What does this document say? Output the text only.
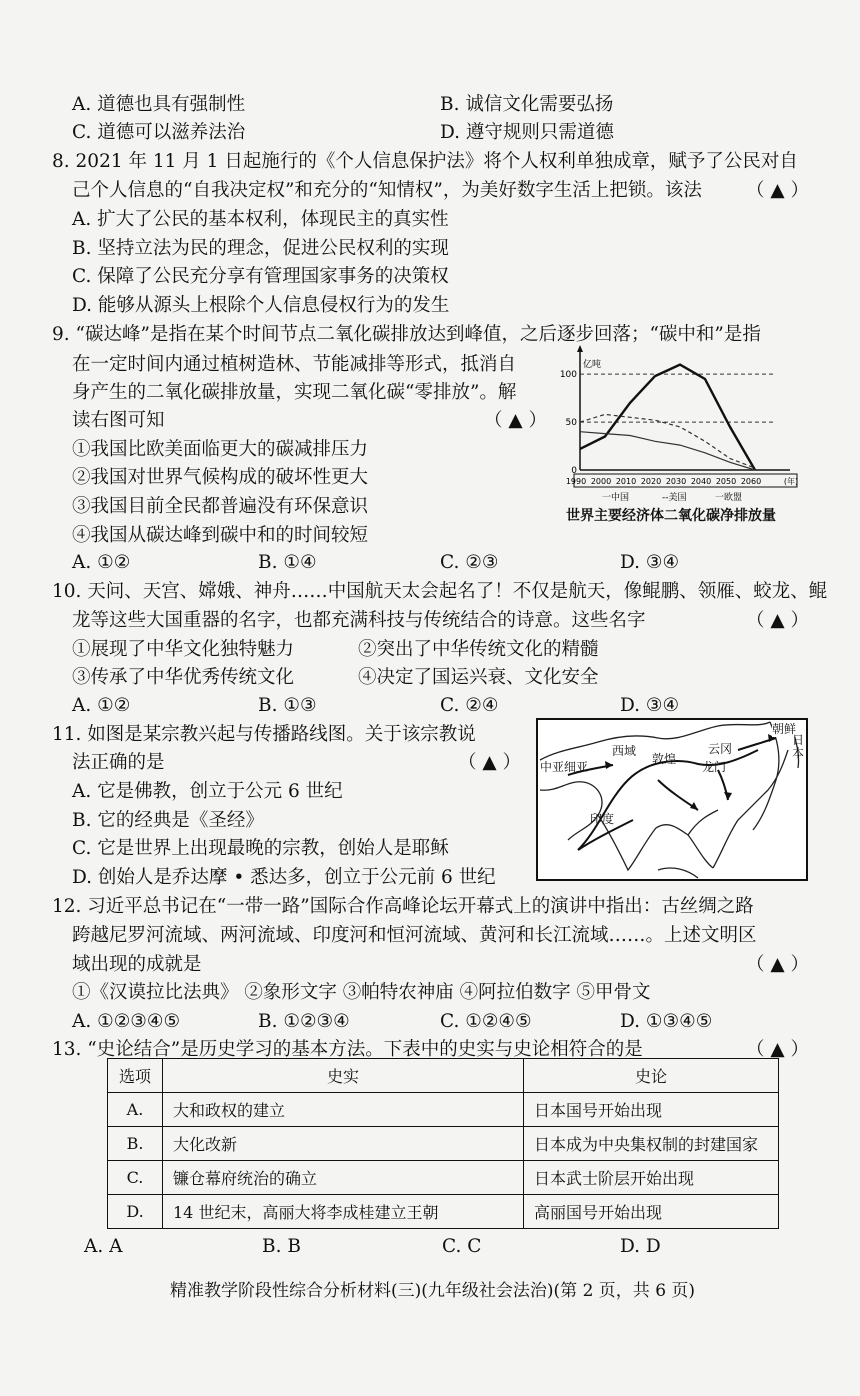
A. 道德也具有强制性	B. 诚信文化需要弘扬
C. 道德可以滋养法治	D. 遵守规则只需道德
8. 2021 年 11 月 1 日起施行的《个人信息保护法》将个人权利单独成章，赋予了公民对自
己个人信息的“自我决定权”和充分的“知情权”，为美好数字生活上把锁。该法 （ ▲ ）
A. 扩大了公民的基本权利，体现民主的真实性
B. 坚持立法为民的理念，促进公民权利的实现
C. 保障了公民充分享有管理国家事务的决策权
D. 能够从源头上根除个人信息侵权行为的发生
9. “碳达峰”是指在某个时间节点二氧化碳排放达到峰值，之后逐步回落；“碳中和”是指
在一定时间内通过植树造林、节能减排等形式，抵消自
身产生的二氧化碳排放量，实现二氧化碳“零排放”。解
读右图可知	（ ▲ ）
①我国比欧美面临更大的碳减排压力
②我国对世界气候构成的破坏性更大
③我国目前全民都普遍没有环保意识
④我国从碳达峰到碳中和的时间较短
A. ①②	B. ①④	C. ②③	D. ③④
亿吨
0
50
100
1990 2000 2010 2020 2030 2040 2050 2060	(年)
一中国	--美国	一欧盟
世界主要经济体二氧化碳净排放量
10. 天问、天宫、嫦娥、神舟……中国航天太会起名了！不仅是航天，像鲲鹏、领雁、蛟龙、鲲
龙等这些大国重器的名字，也都充满科技与传统结合的诗意。这些名字	（ ▲ ）
①展现了中华文化独特魅力	②突出了中华传统文化的精髓
③传承了中华优秀传统文化	④决定了国运兴衰、文化安全
A. ①②	B. ①③	C. ②④	D. ③④
11. 如图是某宗教兴起与传播路线图。关于该宗教说
法正确的是	（ ▲ ）
A. 它是佛教，创立于公元 6 世纪
B. 它的经典是《圣经》
C. 它是世界上出现最晚的宗教，创始人是耶稣
D. 创始人是乔达摩 • 悉达多，创立于公元前 6 世纪
中亚细亚
西域
敦煌
云冈
龙门
朝鲜
日本
印度
12. 习近平总书记在“一带一路”国际合作高峰论坛开幕式上的演讲中指出：古丝绸之路
跨越尼罗河流域、两河流域、印度河和恒河流域、黄河和长江流域……。上述文明区
域出现的成就是	（ ▲ ）
①《汉谟拉比法典》 ②象形文字 ③帕特农神庙 ④阿拉伯数字 ⑤甲骨文
A. ①②③④⑤	B. ①②③④	C. ①②④⑤	D. ①③④⑤
13. “史论结合”是历史学习的基本方法。下表中的史实与史论相符合的是	（ ▲ ）
选项	史实	史论
A.	大和政权的建立	日本国号开始出现
B.	大化改新	日本成为中央集权制的封建国家
C.	镰仓幕府统治的确立	日本武士阶层开始出现
D.	14 世纪末，高丽大将李成桂建立王朝	高丽国号开始出现
A. A	B. B	C. C	D. D
精准教学阶段性综合分析材料(三)(九年级社会法治)(第 2 页，共 6 页)
